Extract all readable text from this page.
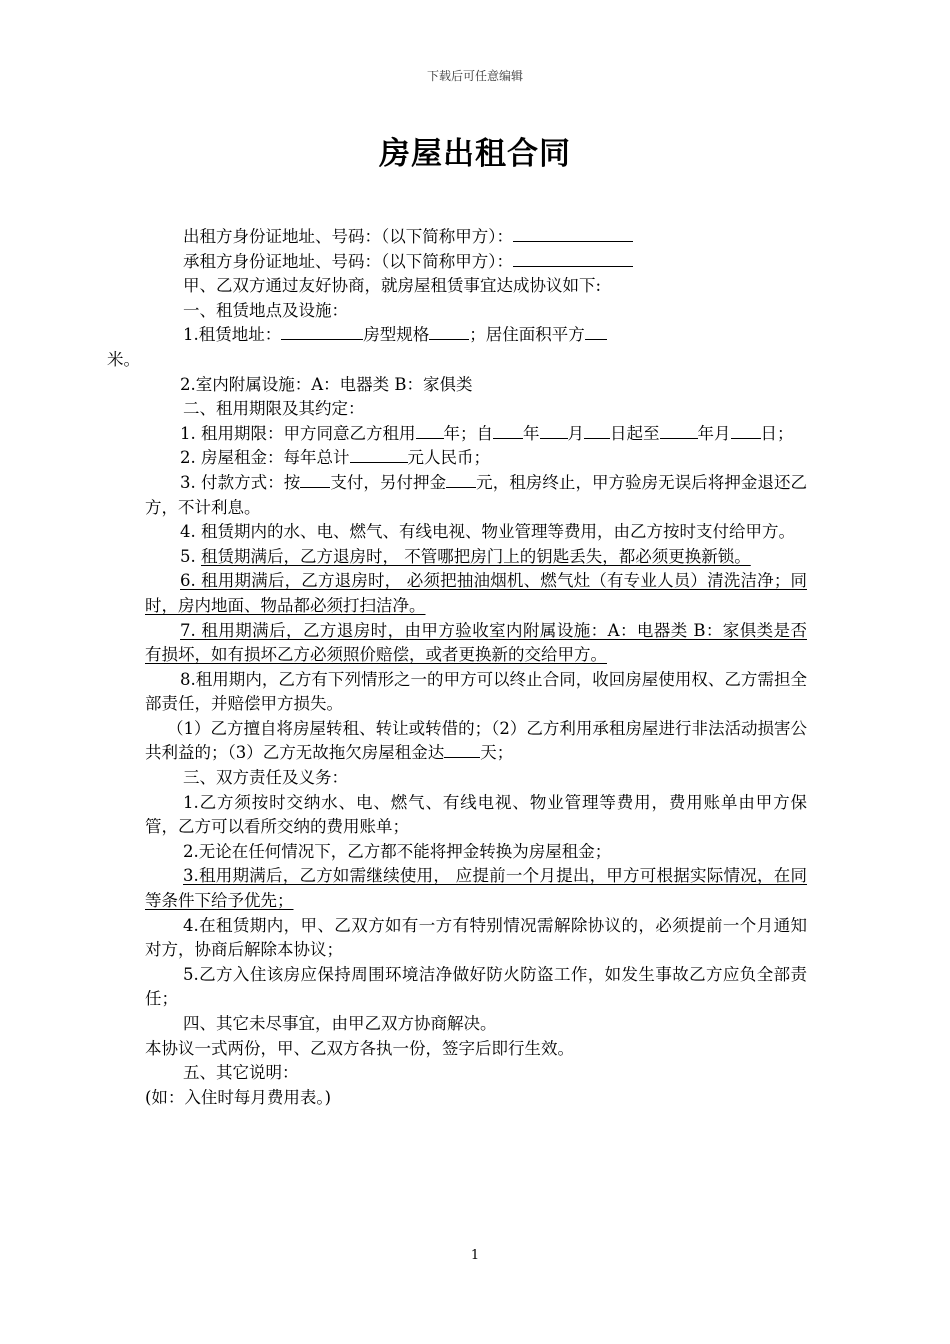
下载后可任意编辑
房屋出租合同

出租方身份证地址、号码：（以下简称甲方）：

承租方身份证地址、号码：（以下简称甲方）：

甲、乙双方通过友好协商，就房屋租赁事宜达成协议如下:

一、租赁地点及设施：

1.租赁地址：	房型规格 ；居住面积平方
米。

2.室内附属设施：A：电器类 B：家俱类

二、租用期限及其约定：

1. 租用期限：甲方同意乙方租用 年；自 年 月 日起至 年月 日；

2. 房屋租金：每年总计	元人民币；

3. 付款方式：按 支付，另付押金 元，租房终止，甲方验房无误后将押金退还乙方，不计利息。

4. 租赁期内的水、电、燃气、有线电视、物业管理等费用，由乙方按时支付给甲方。

5. 租赁期满后，乙方退房时， 不管哪把房门上的钥匙丢失，都必须更换新锁。

6. 租用期满后，乙方退房时， 必须把抽油烟机、燃气灶（有专业人员）清洗洁净；同时，房内地面、物品都必须打扫洁净。

7. 租用期满后，乙方退房时，由甲方验收室内附属设施：A：电器类 B：家俱类是否有损坏，如有损坏乙方必须照价赔偿，或者更换新的交给甲方。

8.租用期内，乙方有下列情形之一的甲方可以终止合同，收回房屋使用权、乙方需担全部责任，并赔偿甲方损失。

（1）乙方擅自将房屋转租、转让或转借的；（2）乙方利用承租房屋进行非法活动损害公共利益的；（3）乙方无故拖欠房屋租金达 天；

三、双方责任及义务：

1.乙方须按时交纳水、电、燃气、有线电视、物业管理等费用，费用账单由甲方保管，乙方可以看所交纳的费用账单；

2.无论在任何情况下，乙方都不能将押金转换为房屋租金；

3.租用期满后，乙方如需继续使用， 应提前一个月提出，甲方可根据实际情况，在同等条件下给予优先；

4.在租赁期内，甲、乙双方如有一方有特别情况需解除协议的，必须提前一个月通知对方，协商后解除本协议；

5.乙方入住该房应保持周围环境洁净做好防火防盗工作，如发生事故乙方应负全部责任；

四、其它未尽事宜，由甲乙双方协商解决。

本协议一式两份，甲、乙双方各执一份，签字后即行生效。

五、其它说明：

(如：入住时每月费用表。)

1
